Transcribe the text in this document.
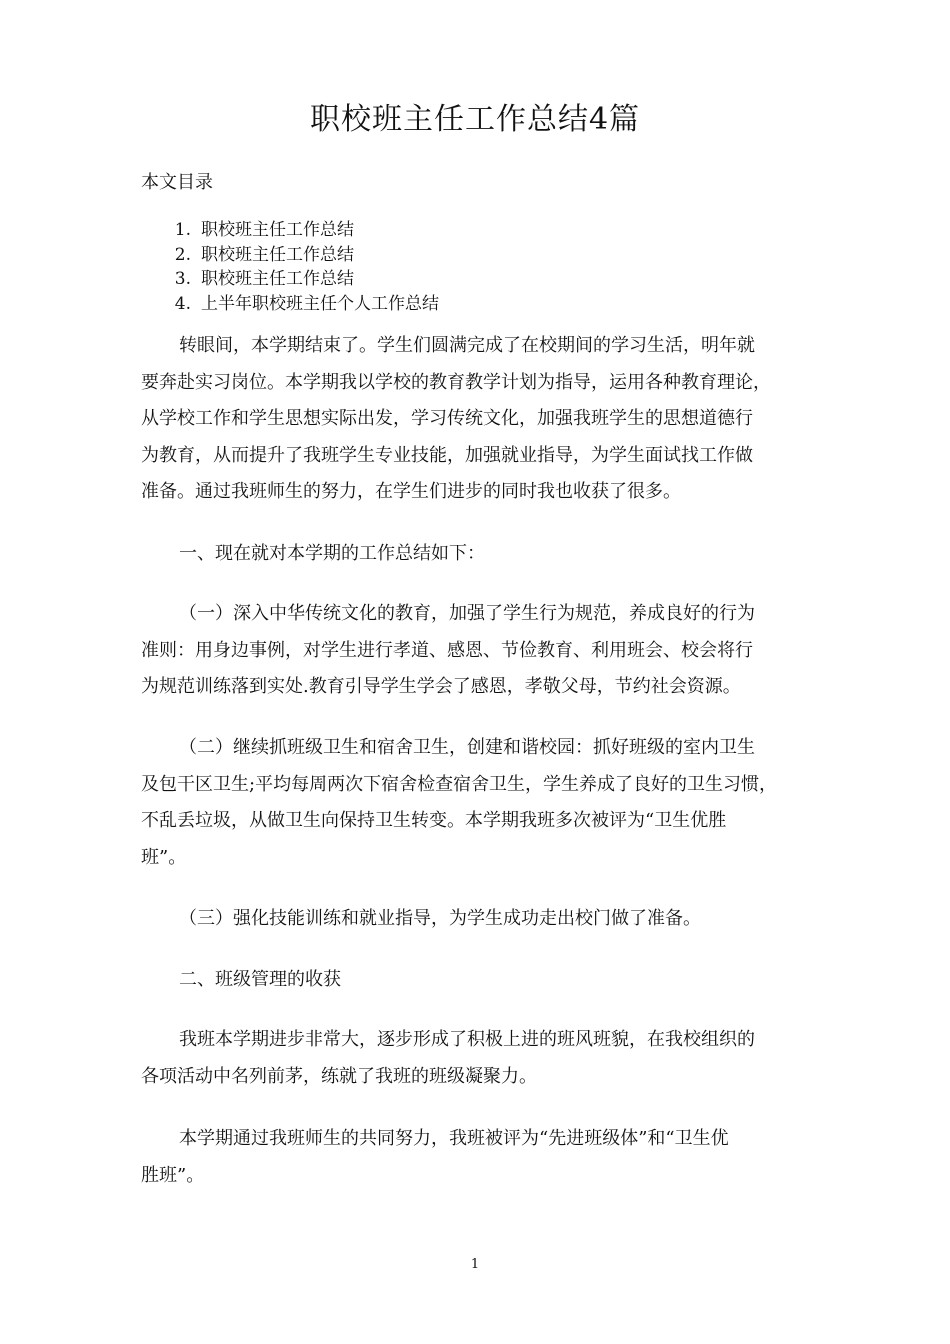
职校班主任工作总结4篇
本文目录
1. 职校班主任工作总结
2. 职校班主任工作总结
3. 职校班主任工作总结
4. 上半年职校班主任个人工作总结
转眼间，本学期结束了。学生们圆满完成了在校期间的学习生活，明年就
要奔赴实习岗位。本学期我以学校的教育教学计划为指导，运用各种教育理论，
从学校工作和学生思想实际出发，学习传统文化，加强我班学生的思想道德行
为教育，从而提升了我班学生专业技能，加强就业指导，为学生面试找工作做
准备。通过我班师生的努力，在学生们进步的同时我也收获了很多。
一、现在就对本学期的工作总结如下：
（一）深入中华传统文化的教育，加强了学生行为规范，养成良好的行为
准则：用身边事例，对学生进行孝道、感恩、节俭教育、利用班会、校会将行
为规范训练落到实处.教育引导学生学会了感恩，孝敬父母，节约社会资源。
（二）继续抓班级卫生和宿舍卫生，创建和谐校园：抓好班级的室内卫生
及包干区卫生;平均每周两次下宿舍检查宿舍卫生，学生养成了良好的卫生习惯，
不乱丢垃圾，从做卫生向保持卫生转变。本学期我班多次被评为“卫生优胜
班”。
（三）强化技能训练和就业指导，为学生成功走出校门做了准备。
二、班级管理的收获
我班本学期进步非常大，逐步形成了积极上进的班风班貌，在我校组织的
各项活动中名列前茅，练就了我班的班级凝聚力。
本学期通过我班师生的共同努力，我班被评为“先进班级体”和“卫生优
胜班”。
1
